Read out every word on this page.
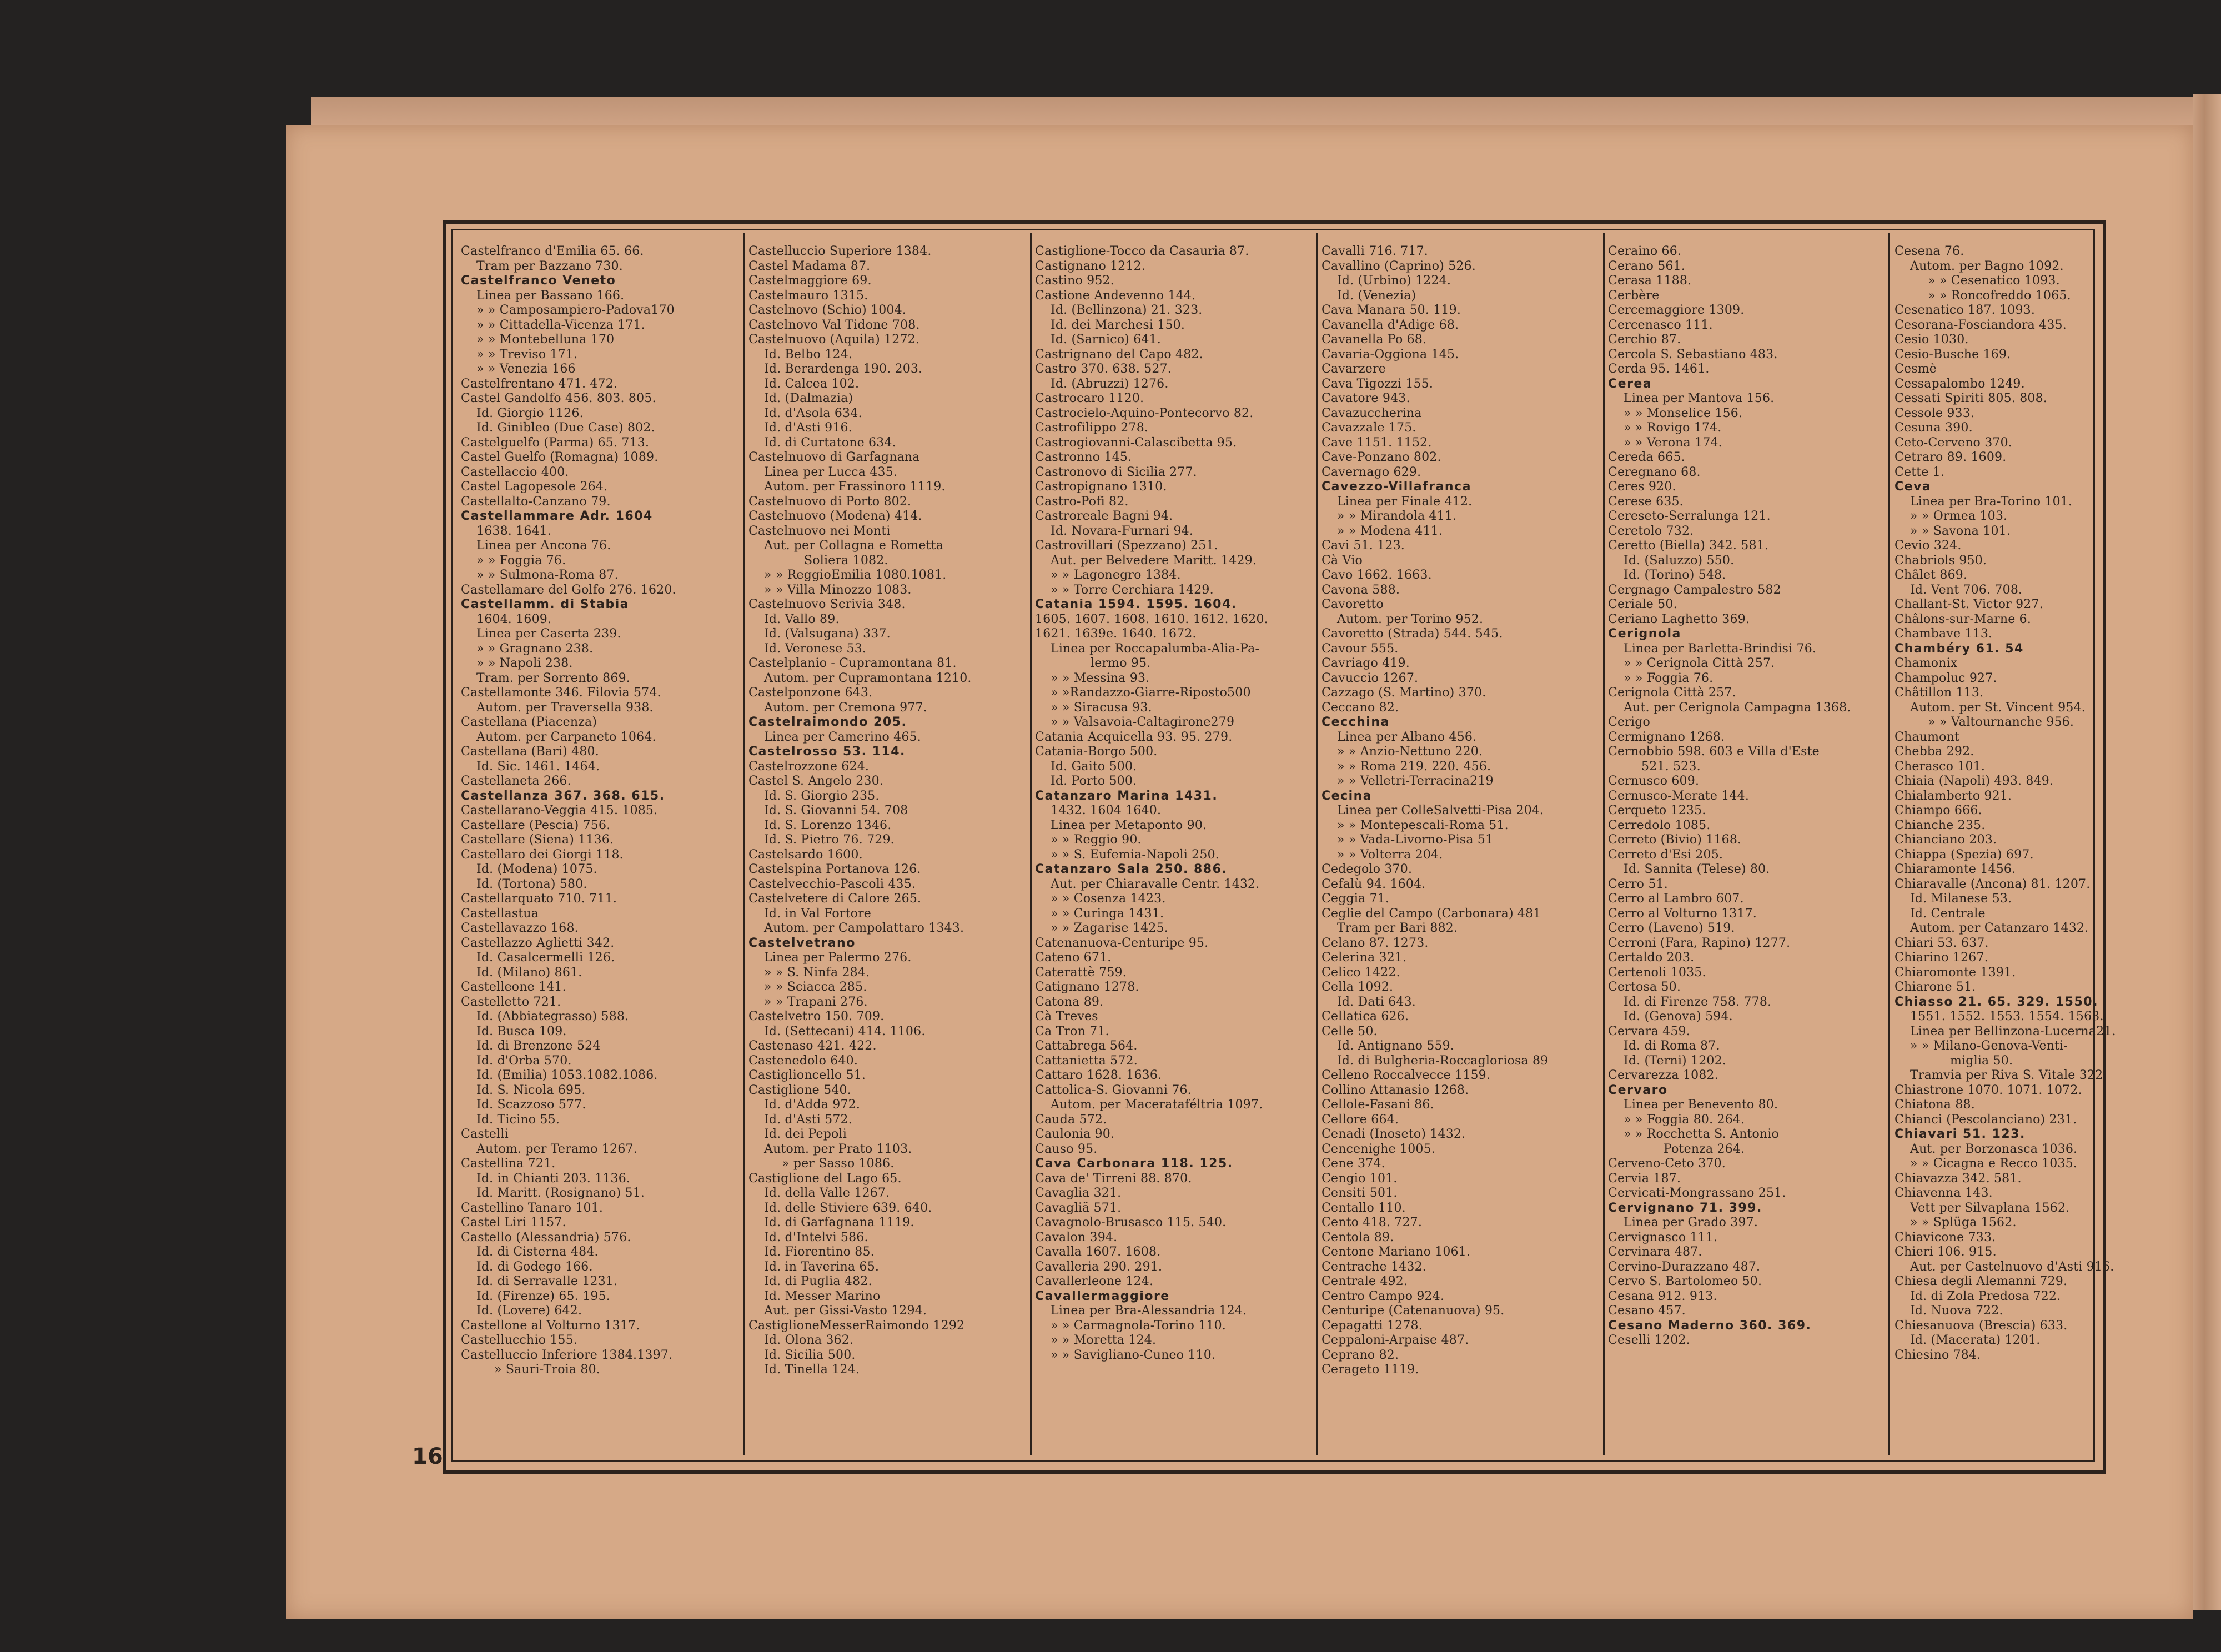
Castelfranco d'Emilia 65. 66.
Tram per Bazzano 730.
Castelfranco Veneto
Linea per Bassano 166.
» » Camposampiero-Padova170
» » Cittadella-Vicenza 171.
» » Montebelluna 170
» » Treviso 171.
» » Venezia 166
Castelfrentano 471. 472.
Castel Gandolfo 456. 803. 805.
Id. Giorgio 1126.
Id. Ginibleo (Due Case) 802.
Castelguelfo (Parma) 65. 713.
Castel Guelfo (Romagna) 1089.
Castellaccio 400.
Castel Lagopesole 264.
Castellalto-Canzano 79.
Castellammare Adr. 1604
1638. 1641.
Linea per Ancona 76.
» » Foggia 76.
» » Sulmona-Roma 87.
Castellamare del Golfo 276. 1620.
Castellamm. di Stabia
1604. 1609.
Linea per Caserta 239.
» » Gragnano 238.
» » Napoli 238.
Tram. per Sorrento 869.
Castellamonte 346. Filovia 574.
Autom. per Traversella 938.
Castellana (Piacenza)
Autom. per Carpaneto 1064.
Castellana (Bari) 480.
Id. Sic. 1461. 1464.
Castellaneta 266.
Castellanza 367. 368. 615.
Castellarano-Veggia 415. 1085.
Castellare (Pescia) 756.
Castellare (Siena) 1136.
Castellaro dei Giorgi 118.
Id. (Modena) 1075.
Id. (Tortona) 580.
Castellarquato 710. 711.
Castellastua
Castellavazzo 168.
Castellazzo Aglietti 342.
Id. Casalcermelli 126.
Id. (Milano) 861.
Castelleone 141.
Castelletto 721.
Id. (Abbiategrasso) 588.
Id. Busca 109.
Id. di Brenzone 524
Id. d'Orba 570.
Id. (Emilia) 1053.1082.1086.
Id. S. Nicola 695.
Id. Scazzoso 577.
Id. Ticino 55.
Castelli
Autom. per Teramo 1267.
Castellina 721.
Id. in Chianti 203. 1136.
Id. Maritt. (Rosignano) 51.
Castellino Tanaro 101.
Castel Liri 1157.
Castello (Alessandria) 576.
Id. di Cisterna 484.
Id. di Godego 166.
Id. di Serravalle 1231.
Id. (Firenze) 65. 195.
Id. (Lovere) 642.
Castellone al Volturno 1317.
Castellucchio 155.
Castelluccio Inferiore 1384.1397.
» Sauri-Troia 80.
Castelluccio Superiore 1384.
Castel Madama 87.
Castelmaggiore 69.
Castelmauro 1315.
Castelnovo (Schio) 1004.
Castelnovo Val Tidone 708.
Castelnuovo (Aquila) 1272.
Id. Belbo 124.
Id. Berardenga 190. 203.
Id. Calcea 102.
Id. (Dalmazia)
Id. d'Asola 634.
Id. d'Asti 916.
Id. di Curtatone 634.
Castelnuovo di Garfagnana
Linea per Lucca 435.
Autom. per Frassinoro 1119.
Castelnuovo di Porto 802.
Castelnuovo (Modena) 414.
Castelnuovo nei Monti
Aut. per Collagna e Rometta
Soliera 1082.
» » ReggioEmilia 1080.1081.
» » Villa Minozzo 1083.
Castelnuovo Scrivia 348.
Id. Vallo 89.
Id. (Valsugana) 337.
Id. Veronese 53.
Castelplanio - Cupramontana 81.
Autom. per Cupramontana 1210.
Castelponzone 643.
Autom. per Cremona 977.
Castelraimondo 205.
Linea per Camerino 465.
Castelrosso 53. 114.
Castelrozzone 624.
Castel S. Angelo 230.
Id. S. Giorgio 235.
Id. S. Giovanni 54. 708
Id. S. Lorenzo 1346.
Id. S. Pietro 76. 729.
Castelsardo 1600.
Castelspina Portanova 126.
Castelvecchio-Pascoli 435.
Castelvetere di Calore 265.
Id. in Val Fortore
Autom. per Campolattaro 1343.
Castelvetrano
Linea per Palermo 276.
» » S. Ninfa 284.
» » Sciacca 285.
» » Trapani 276.
Castelvetro 150. 709.
Id. (Settecani) 414. 1106.
Castenaso 421. 422.
Castenedolo 640.
Castiglioncello 51.
Castiglione 540.
Id. d'Adda 972.
Id. d'Asti 572.
Id. dei Pepoli
Autom. per Prato 1103.
» per Sasso 1086.
Castiglione del Lago 65.
Id. della Valle 1267.
Id. delle Stiviere 639. 640.
Id. di Garfagnana 1119.
Id. d'Intelvi 586.
Id. Fiorentino 85.
Id. in Taverina 65.
Id. di Puglia 482.
Id. Messer Marino
Aut. per Gissi-Vasto 1294.
CastiglioneMesserRaimondo 1292
Id. Olona 362.
Id. Sicilia 500.
Id. Tinella 124.
Castiglione-Tocco da Casauria 87.
Castignano 1212.
Castino 952.
Castione Andevenno 144.
Id. (Bellinzona) 21. 323.
Id. dei Marchesi 150.
Id. (Sarnico) 641.
Castrignano del Capo 482.
Castro 370. 638. 527.
Id. (Abruzzi) 1276.
Castrocaro 1120.
Castrocielo-Aquino-Pontecorvo 82.
Castrofilippo 278.
Castrogiovanni-Calascibetta 95.
Castronno 145.
Castronovo di Sicilia 277.
Castropignano 1310.
Castro-Pofi 82.
Castroreale Bagni 94.
Id. Novara-Furnari 94.
Castrovillari (Spezzano) 251.
Aut. per Belvedere Maritt. 1429.
» » Lagonegro 1384.
» » Torre Cerchiara 1429.
Catania 1594. 1595. 1604.
1605. 1607. 1608. 1610. 1612. 1620.
1621. 1639e. 1640. 1672.
Linea per Roccapalumba-Alia-Pa-
lermo 95.
» » Messina 93.
» »Randazzo-Giarre-Riposto500
» » Siracusa 93.
» » Valsavoia-Caltagirone279
Catania Acquicella 93. 95. 279.
Catania-Borgo 500.
Id. Gaito 500.
Id. Porto 500.
Catanzaro Marina 1431.
1432. 1604 1640.
Linea per Metaponto 90.
» » Reggio 90.
» » S. Eufemia-Napoli 250.
Catanzaro Sala 250. 886.
Aut. per Chiaravalle Centr. 1432.
» » Cosenza 1423.
» » Curinga 1431.
» » Zagarise 1425.
Catenanuova-Centuripe 95.
Cateno 671.
Caterattè 759.
Catignano 1278.
Catona 89.
Cà Treves
Ca Tron 71.
Cattabrega 564.
Cattanietta 572.
Cattaro 1628. 1636.
Cattolica-S. Giovanni 76.
Autom. per Macerataféltria 1097.
Cauda 572.
Caulonia 90.
Causo 95.
Cava Carbonara 118. 125.
Cava de' Tirreni 88. 870.
Cavaglia 321.
Cavagliä 571.
Cavagnolo-Brusasco 115. 540.
Cavalon 394.
Cavalla 1607. 1608.
Cavalleria 290. 291.
Cavallerleone 124.
Cavallermaggiore
Linea per Bra-Alessandria 124.
» » Carmagnola-Torino 110.
» » Moretta 124.
» » Savigliano-Cuneo 110.
Cavalli 716. 717.
Cavallino (Caprino) 526.
Id. (Urbino) 1224.
Id. (Venezia)
Cava Manara 50. 119.
Cavanella d'Adige 68.
Cavanella Po 68.
Cavaria-Oggiona 145.
Cavarzere
Cava Tigozzi 155.
Cavatore 943.
Cavazuccherina
Cavazzale 175.
Cave 1151. 1152.
Cave-Ponzano 802.
Cavernago 629.
Cavezzo-Villafranca
Linea per Finale 412.
» » Mirandola 411.
» » Modena 411.
Cavi 51. 123.
Cà Vio
Cavo 1662. 1663.
Cavona 588.
Cavoretto
Autom. per Torino 952.
Cavoretto (Strada) 544. 545.
Cavour 555.
Cavriago 419.
Cavuccio 1267.
Cazzago (S. Martino) 370.
Ceccano 82.
Cecchina
Linea per Albano 456.
» » Anzio-Nettuno 220.
» » Roma 219. 220. 456.
» » Velletri-Terracina219
Cecina
Linea per ColleSalvetti-Pisa 204.
» » Montepescali-Roma 51.
» » Vada-Livorno-Pisa 51
» » Volterra 204.
Cedegolo 370.
Cefalù 94. 1604.
Ceggia 71.
Ceglie del Campo (Carbonara) 481
Tram per Bari 882.
Celano 87. 1273.
Celerina 321.
Celico 1422.
Cella 1092.
Id. Dati 643.
Cellatica 626.
Celle 50.
Id. Antignano 559.
Id. di Bulgheria-Roccagloriosa 89
Celleno Roccalvecce 1159.
Collino Attanasio 1268.
Cellole-Fasani 86.
Cellore 664.
Cenadi (Inoseto) 1432.
Cencenighe 1005.
Cene 374.
Cengio 101.
Censiti 501.
Centallo 110.
Cento 418. 727.
Centola 89.
Centone Mariano 1061.
Centrache 1432.
Centrale 492.
Centro Campo 924.
Centuripe (Catenanuova) 95.
Cepagatti 1278.
Ceppaloni-Arpaise 487.
Ceprano 82.
Cerageto 1119.
Ceraino 66.
Cerano 561.
Cerasa 1188.
Cerbère
Cercemaggiore 1309.
Cercenasco 111.
Cerchio 87.
Cercola S. Sebastiano 483.
Cerda 95. 1461.
Cerea
Linea per Mantova 156.
» » Monselice 156.
» » Rovigo 174.
» » Verona 174.
Cereda 665.
Ceregnano 68.
Ceres 920.
Cerese 635.
Cereseto-Serralunga 121.
Ceretolo 732.
Ceretto (Biella) 342. 581.
Id. (Saluzzo) 550.
Id. (Torino) 548.
Cergnago Campalestro 582
Ceriale 50.
Ceriano Laghetto 369.
Cerignola
Linea per Barletta-Brindisi 76.
» » Cerignola Città 257.
» » Foggia 76.
Cerignola Città 257.
Aut. per Cerignola Campagna 1368.
Cerigo
Cermignano 1268.
Cernobbio 598. 603 e Villa d'Este
521. 523.
Cernusco 609.
Cernusco-Merate 144.
Cerqueto 1235.
Cerredolo 1085.
Cerreto (Bivio) 1168.
Cerreto d'Esi 205.
Id. Sannita (Telese) 80.
Cerro 51.
Cerro al Lambro 607.
Cerro al Volturno 1317.
Cerro (Laveno) 519.
Cerroni (Fara, Rapino) 1277.
Certaldo 203.
Certenoli 1035.
Certosa 50.
Id. di Firenze 758. 778.
Id. (Genova) 594.
Cervara 459.
Id. di Roma 87.
Id. (Terni) 1202.
Cervarezza 1082.
Cervaro
Linea per Benevento 80.
» » Foggia 80. 264.
» » Rocchetta S. Antonio
Potenza 264.
Cerveno-Ceto 370.
Cervia 187.
Cervicati-Mongrassano 251.
Cervignano 71. 399.
Linea per Grado 397.
Cervignasco 111.
Cervinara 487.
Cervino-Durazzano 487.
Cervo S. Bartolomeo 50.
Cesana 912. 913.
Cesano 457.
Cesano Maderno 360. 369.
Ceselli 1202.
Cesena 76.
Autom. per Bagno 1092.
» » Cesenatico 1093.
» » Roncofreddo 1065.
Cesenatico 187. 1093.
Cesorana-Fosciandora 435.
Cesio 1030.
Cesio-Busche 169.
Cesmè
Cessapalombo 1249.
Cessati Spiriti 805. 808.
Cessole 933.
Cesuna 390.
Ceto-Cerveno 370.
Cetraro 89. 1609.
Cette 1.
Ceva
Linea per Bra-Torino 101.
» » Ormea 103.
» » Savona 101.
Cevio 324.
Chabriols 950.
Châlet 869.
Id. Vent 706. 708.
Challant-St. Victor 927.
Châlons-sur-Marne 6.
Chambave 113.
Chambéry 61. 54
Chamonix
Champoluc 927.
Châtillon 113.
Autom. per St. Vincent 954.
» » Valtournanche 956.
Chaumont
Chebba 292.
Cherasco 101.
Chiaia (Napoli) 493. 849.
Chialamberto 921.
Chiampo 666.
Chianche 235.
Chianciano 203.
Chiappa (Spezia) 697.
Chiaramonte 1456.
Chiaravalle (Ancona) 81. 1207.
Id. Milanese 53.
Id. Centrale
Autom. per Catanzaro 1432.
Chiari 53. 637.
Chiarino 1267.
Chiaromonte 1391.
Chiarone 51.
Chiasso 21. 65. 329. 1550.
1551. 1552. 1553. 1554. 1563.
Linea per Bellinzona-Lucerna21.
» » Milano-Genova-Venti-
miglia 50.
Tramvia per Riva S. Vitale 322.
Chiastrone 1070. 1071. 1072.
Chiatona 88.
Chianci (Pescolanciano) 231.
Chiavari 51. 123.
Aut. per Borzonasca 1036.
» » Cicagna e Recco 1035.
Chiavazza 342. 581.
Chiavenna 143.
Vett per Silvaplana 1562.
» » Splüga 1562.
Chiavicone 733.
Chieri 106. 915.
Aut. per Castelnuovo d'Asti 916.
Chiesa degli Alemanni 729.
Id. di Zola Predosa 722.
Id. Nuova 722.
Chiesanuova (Brescia) 633.
Id. (Macerata) 1201.
Chiesino 784.
16
